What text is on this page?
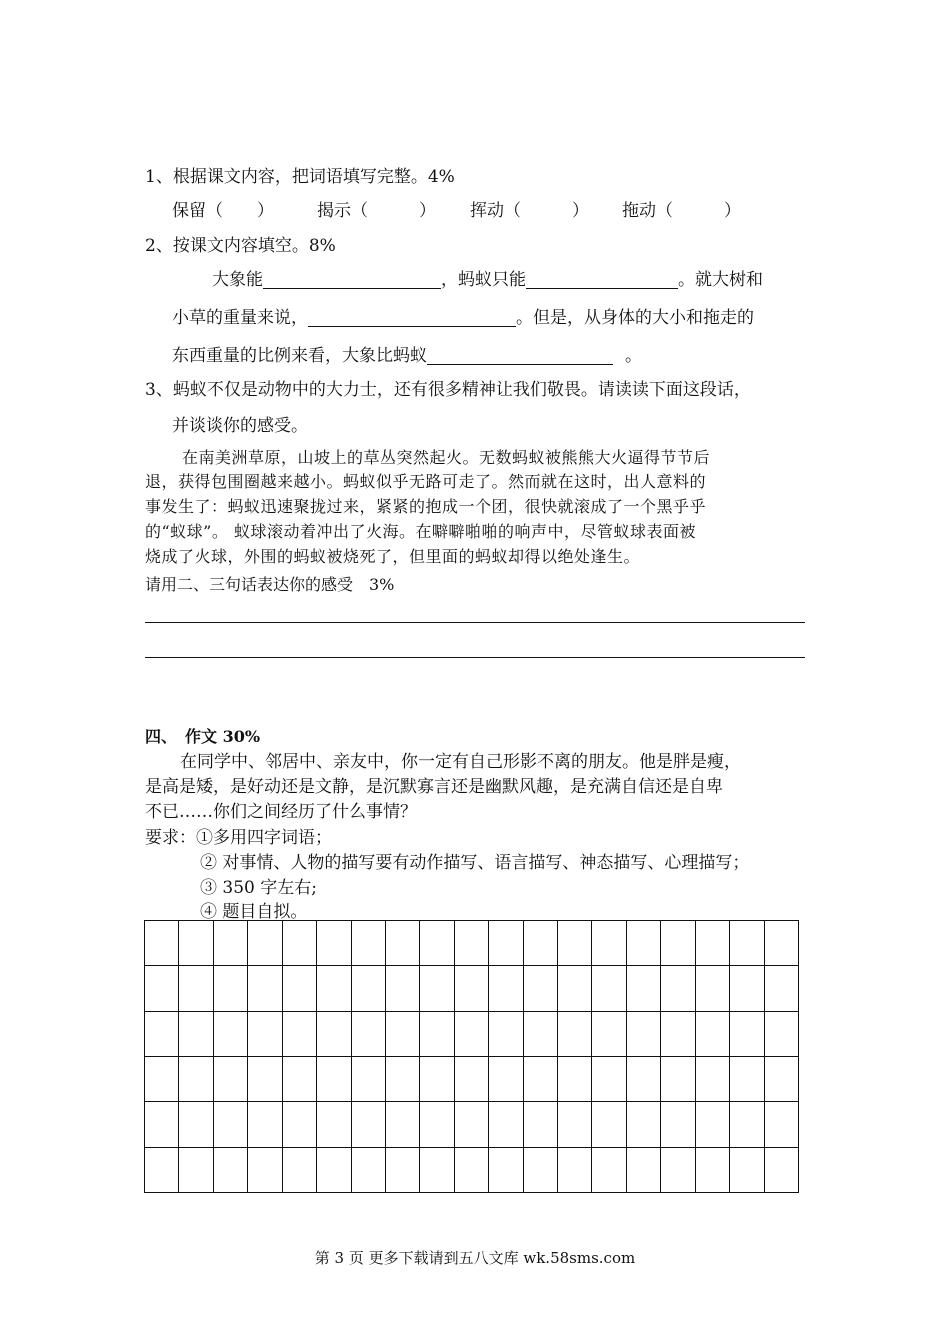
1、根据课文内容，把词语填写完整。4%
保留（　　）	揭示（　　　） 挥动（　　　） 拖动（　　　）
2、按课文内容填空。8%
大象能	，蚂蚁只能	。就大树和
小草的重量来说，	。但是，从身体的大小和拖走的
东西重量的比例来看，大象比蚂蚁	。
3、蚂蚁不仅是动物中的大力士，还有很多精神让我们敬畏。请读读下面这段话，
并谈谈你的感受。
在南美洲草原，山坡上的草丛突然起火。无数蚂蚁被熊熊大火逼得节节后
退，获得包围圈越来越小。蚂蚁似乎无路可走了。然而就在这时，出人意料的
事发生了：蚂蚁迅速聚拢过来，紧紧的抱成一个团，很快就滚成了一个黑乎乎
的“蚁球”。 蚁球滚动着冲出了火海。在噼噼啪啪的响声中，尽管蚁球表面被
烧成了火球，外围的蚂蚁被烧死了，但里面的蚂蚁却得以绝处逢生。
请用二、三句话表达你的感受　3%
四、　作文 30%
在同学中、邻居中、亲友中，你一定有自己形影不离的朋友。他是胖是瘦，
是高是矮，是好动还是文静，是沉默寡言还是幽默风趣，是充满自信还是自卑
不已……你们之间经历了什么事情？
要求：①多用四字词语；
② 对事情、人物的描写要有动作描写、语言描写、神态描写、心理描写；
③ 350 字左右;
④ 题目自拟。
第 3 页 更多下载请到五八文库 wk.58sms.com
